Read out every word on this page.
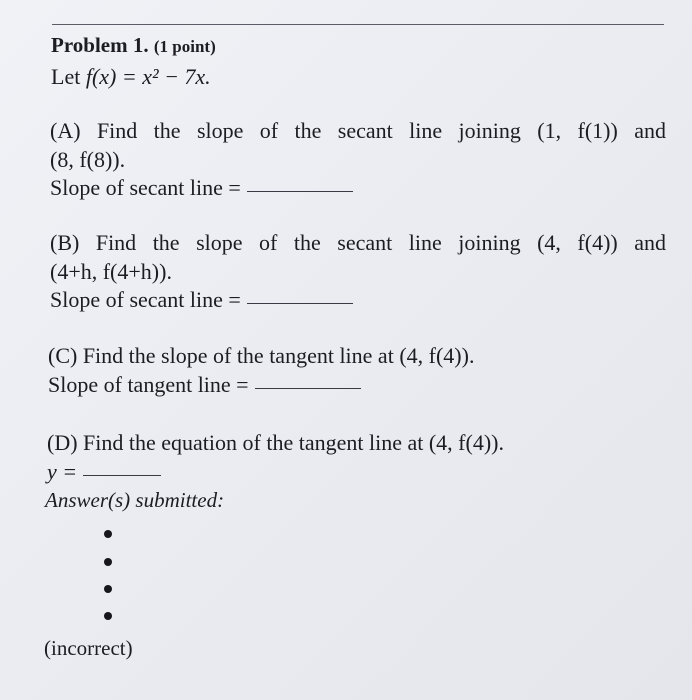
Problem 1. (1 point)
Let f(x) = x² − 7x.
(A) Find the slope of the secant line joining (1, f(1)) and
(8, f(8)).
Slope of secant line =
(B) Find the slope of the secant line joining (4, f(4)) and
(4+h, f(4+h)).
Slope of secant line =
(C) Find the slope of the tangent line at (4, f(4)).
Slope of tangent line =
(D) Find the equation of the tangent line at (4, f(4)).
y =
Answer(s) submitted:
(incorrect)
